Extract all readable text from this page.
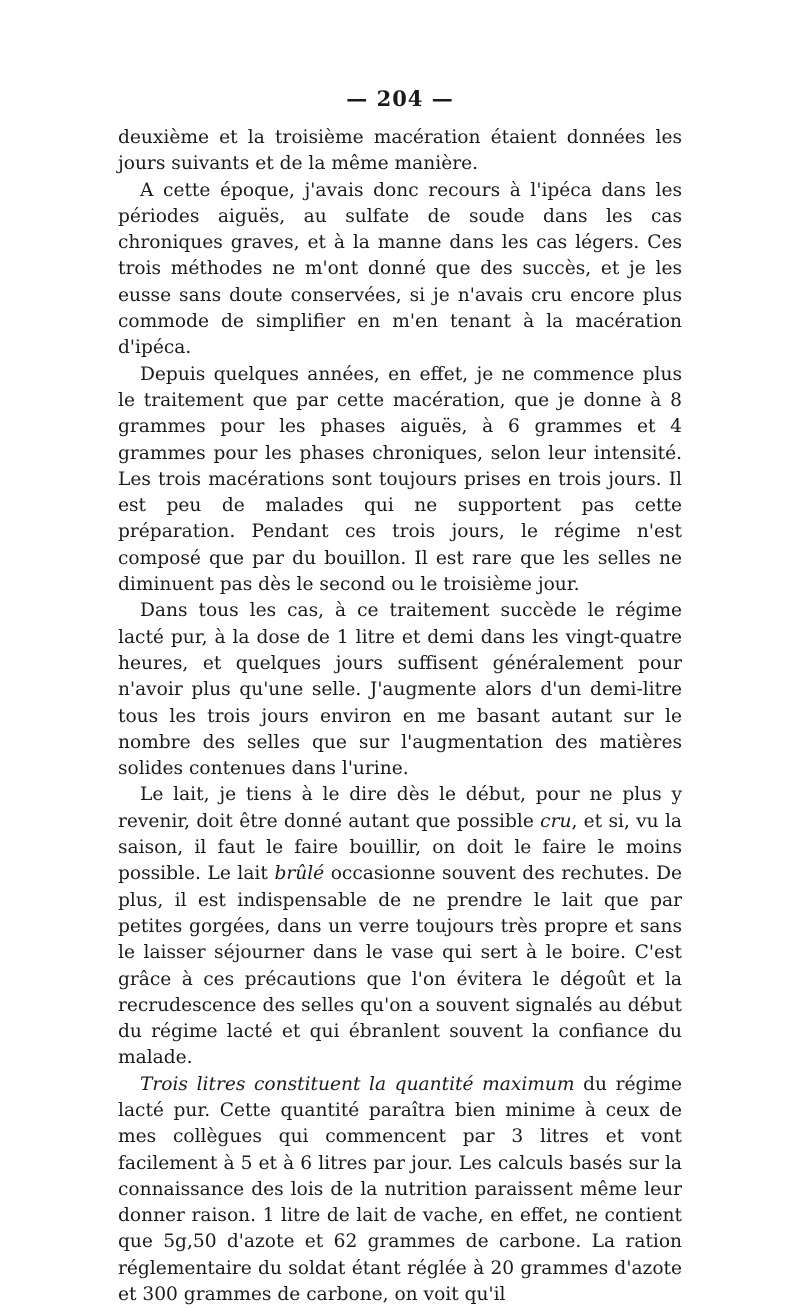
— 204 —

deuxième et la troisième macération étaient données les jours suivants et de la même manière.

A cette époque, j'avais donc recours à l'ipéca dans les périodes aiguës, au sulfate de soude dans les cas chroniques graves, et à la manne dans les cas légers. Ces trois méthodes ne m'ont donné que des succès, et je les eusse sans doute conservées, si je n'avais cru encore plus commode de simplifier en m'en tenant à la macération d'ipéca.

Depuis quelques années, en effet, je ne commence plus le traitement que par cette macération, que je donne à 8 grammes pour les phases aiguës, à 6 grammes et 4 grammes pour les phases chroniques, selon leur intensité. Les trois macérations sont toujours prises en trois jours. Il est peu de malades qui ne supportent pas cette préparation. Pendant ces trois jours, le régime n'est composé que par du bouillon. Il est rare que les selles ne diminuent pas dès le second ou le troisième jour.

Dans tous les cas, à ce traitement succède le régime lacté pur, à la dose de 1 litre et demi dans les vingt-quatre heures, et quelques jours suffisent généralement pour n'avoir plus qu'une selle. J'augmente alors d'un demi-litre tous les trois jours environ en me basant autant sur le nombre des selles que sur l'augmentation des matières solides contenues dans l'urine.

Le lait, je tiens à le dire dès le début, pour ne plus y revenir, doit être donné autant que possible cru, et si, vu la saison, il faut le faire bouillir, on doit le faire le moins possible. Le lait brûlé occasionne souvent des rechutes. De plus, il est indispensable de ne prendre le lait que par petites gorgées, dans un verre toujours très propre et sans le laisser séjourner dans le vase qui sert à le boire. C'est grâce à ces précautions que l'on évitera le dégoût et la recrudescence des selles qu'on a souvent signalés au début du régime lacté et qui ébranlent souvent la confiance du malade.

Trois litres constituent la quantité maximum du régime lacté pur. Cette quantité paraîtra bien minime à ceux de mes collègues qui commencent par 3 litres et vont facilement à 5 et à 6 litres par jour. Les calculs basés sur la connaissance des lois de la nutrition paraissent même leur donner raison. 1 litre de lait de vache, en effet, ne contient que 5g,50 d'azote et 62 grammes de carbone. La ration réglementaire du soldat étant réglée à 20 grammes d'azote et 300 grammes de carbone, on voit qu'il
